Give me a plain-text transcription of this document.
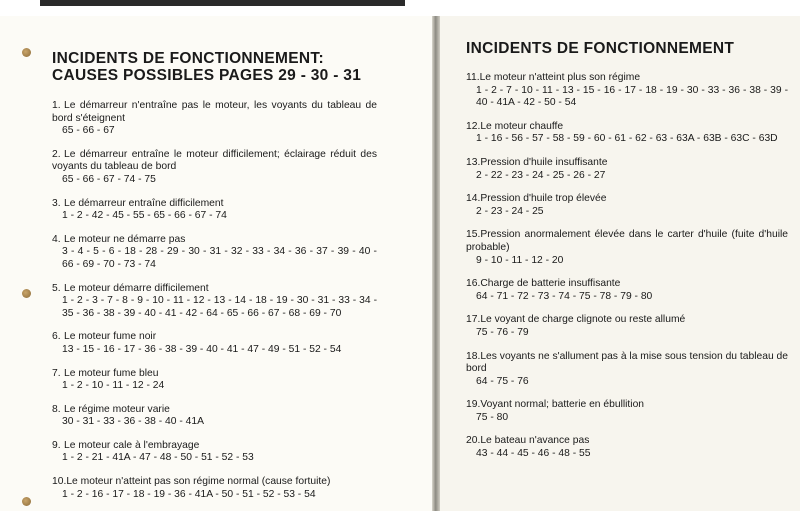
INCIDENTS DE FONCTIONNEMENT:
CAUSES POSSIBLES PAGES 29 - 30 - 31
1. Le démarreur n'entraîne pas le moteur, les voyants du tableau de bord s'éteignent
65 - 66 - 67
2. Le démarreur entraîne le moteur difficilement; éclairage réduit des voyants du tableau de bord
65 - 66 - 67 - 74 - 75
3. Le démarreur entraîne difficilement
1 - 2 - 42 - 45 - 55 - 65 - 66 - 67 - 74
4. Le moteur ne démarre pas
3 - 4 - 5 - 6 - 18 - 28 - 29 - 30 - 31 - 32 - 33 - 34 - 36 - 37 - 39 - 40 - 66 - 69 - 70 - 73 - 74
5. Le moteur démarre difficilement
1 - 2 - 3 - 7 - 8 - 9 - 10 - 11 - 12 - 13 - 14 - 18 - 19 - 30 - 31 - 33 - 34 - 35 - 36 - 38 - 39 - 40 - 41 - 42 - 64 - 65 - 66 - 67 - 68 - 69 - 70
6. Le moteur fume noir
13 - 15 - 16 - 17 - 36 - 38 - 39 - 40 - 41 - 47 - 49 - 51 - 52 - 54
7. Le moteur fume bleu
1 - 2 - 10 - 11 - 12 - 24
8. Le régime moteur varie
30 - 31 - 33 - 36 - 38 - 40 - 41A
9. Le moteur cale à l'embrayage
1 - 2 - 21 - 41A - 47 - 48 - 50 - 51 - 52 - 53
10.Le moteur n'atteint pas son régime normal (cause fortuite)
1 - 2 - 16 - 17 - 18 - 19 - 36 - 41A - 50 - 51 - 52 - 53 - 54
INCIDENTS DE FONCTIONNEMENT
11.Le moteur n'atteint plus son régime
1 - 2 - 7 - 10 - 11 - 13 - 15 - 16 - 17 - 18 - 19 - 30 - 33 - 36 - 38 - 39 - 40 - 41A - 42 - 50 - 54
12.Le moteur chauffe
1 - 16 - 56 - 57 - 58 - 59 - 60 - 61 - 62 - 63 - 63A - 63B - 63C - 63D
13.Pression d'huile insuffisante
2 - 22 - 23 - 24 - 25 - 26 - 27
14.Pression d'huile trop élevée
2 - 23 - 24 - 25
15.Pression anormalement élevée dans le carter d'huile (fuite d'huile probable)
9 - 10 - 11 - 12 - 20
16.Charge de batterie insuffisante
64 - 71 - 72 - 73 - 74 - 75 - 78 - 79 - 80
17.Le voyant de charge clignote ou reste allumé
75 - 76 - 79
18.Les voyants ne s'allument pas à la mise sous tension du tableau de bord
64 - 75 - 76
19.Voyant normal; batterie en ébullition
75 - 80
20.Le bateau n'avance pas
43 - 44 - 45 - 46 - 48 - 55
